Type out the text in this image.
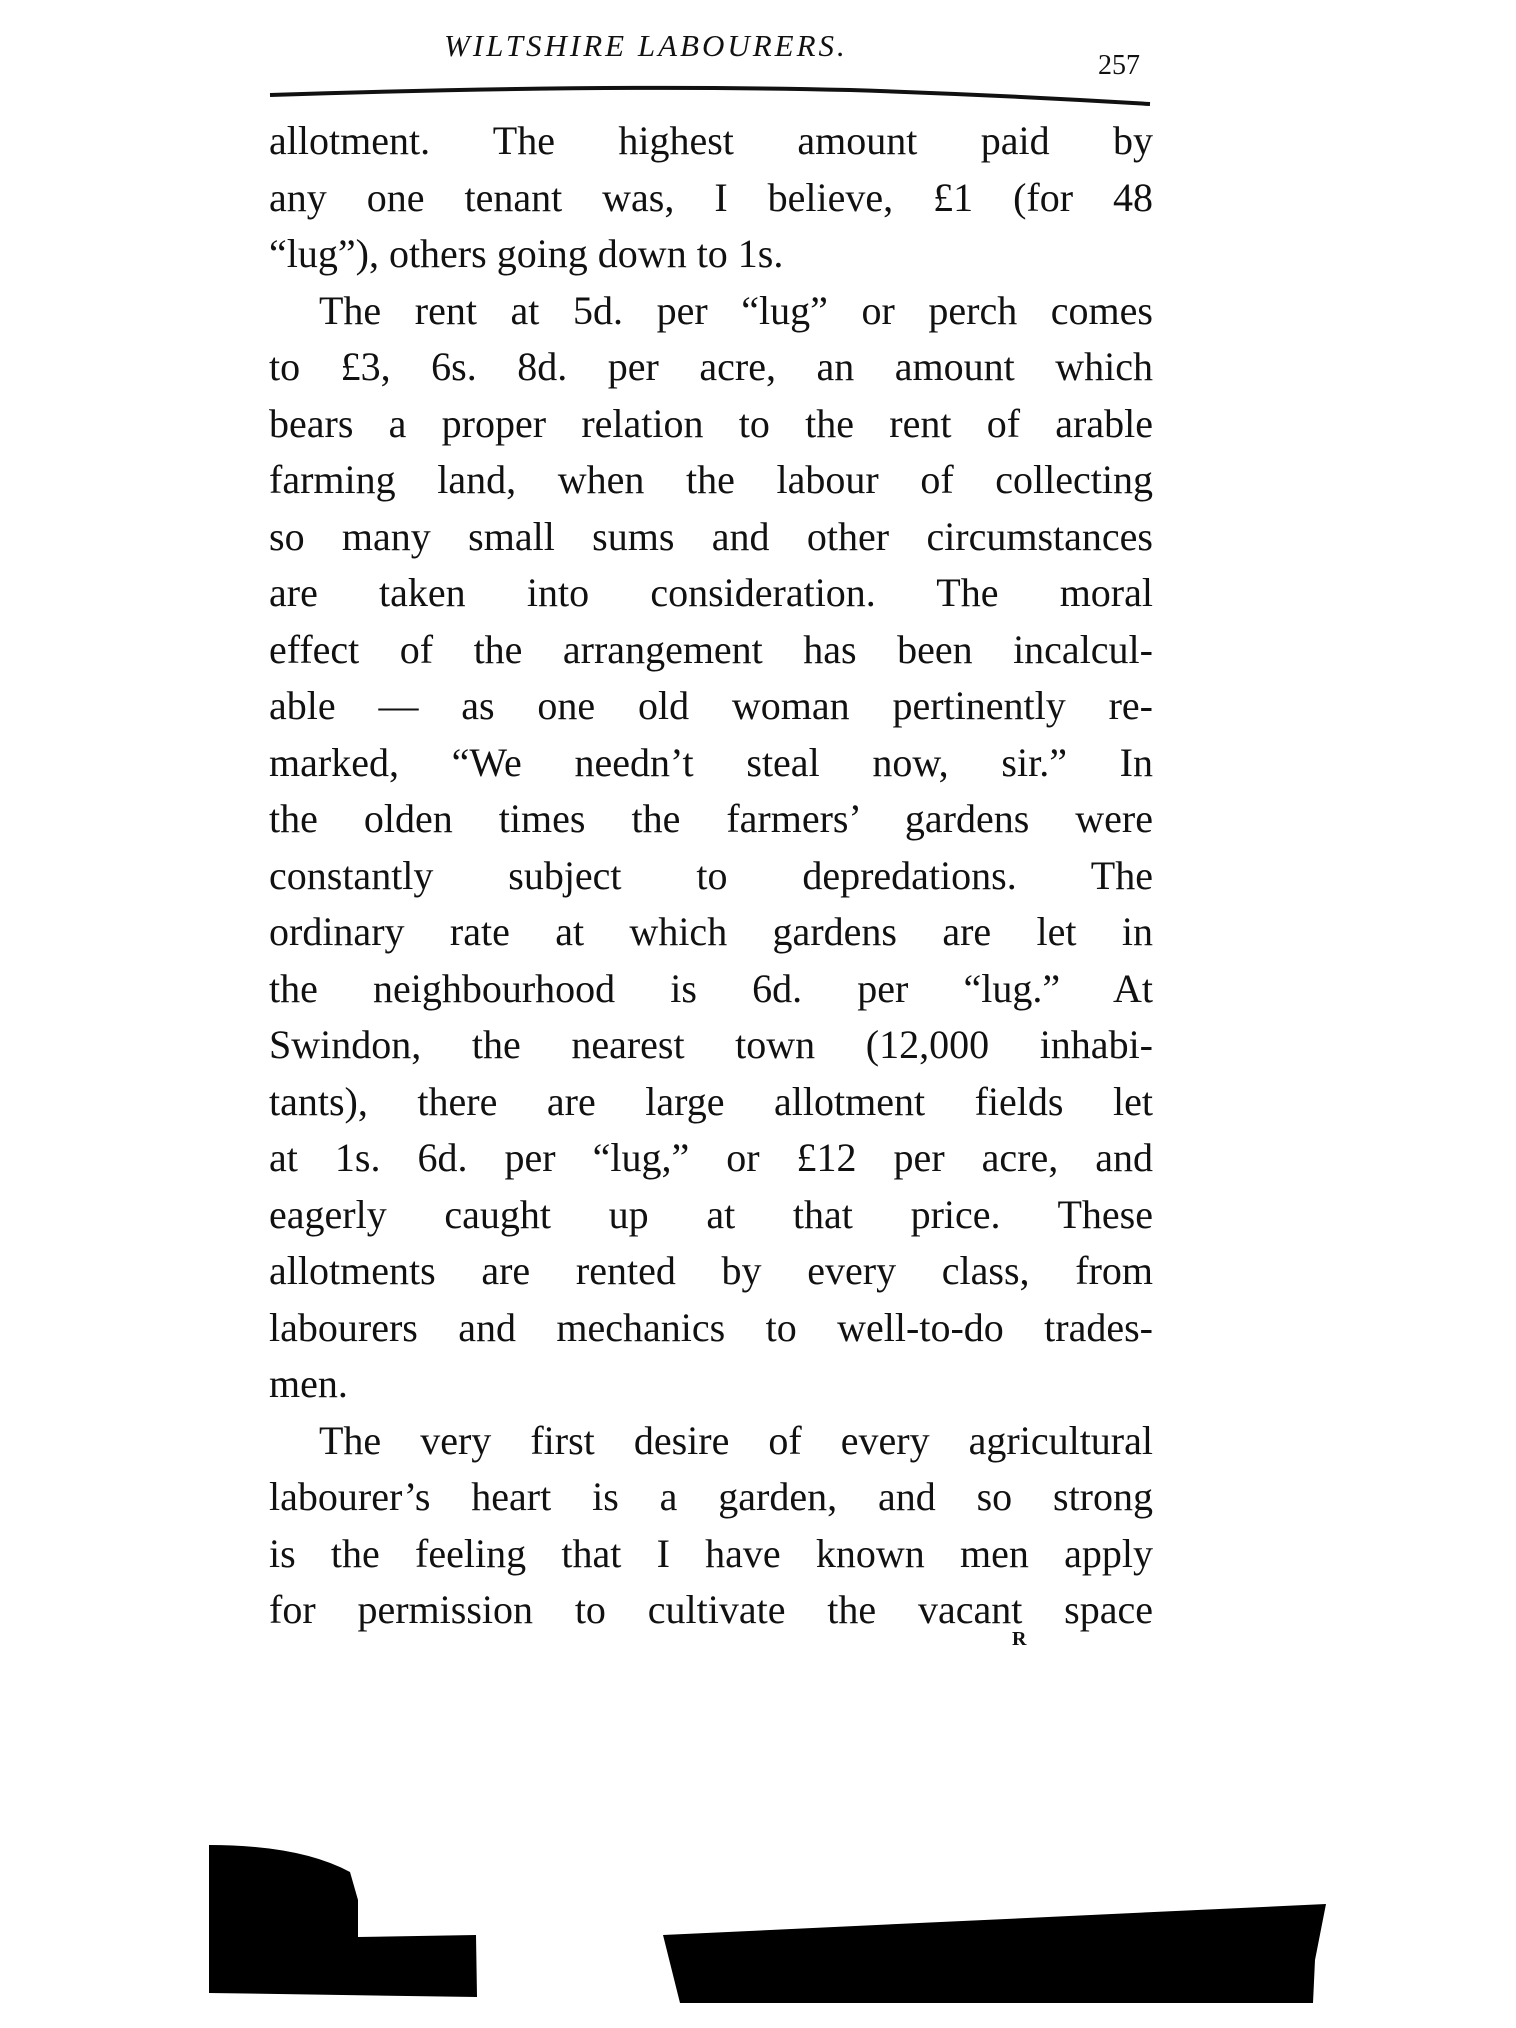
WILTSHIRE LABOURERS.
257
allotment. The highest amount paid by
any one tenant was, I believe, £1 (for 48
“lug”), others going down to 1s.
The rent at 5d. per “lug” or perch comes
to £3, 6s. 8d. per acre, an amount which
bears a proper relation to the rent of arable
farming land, when the labour of collecting
so many small sums and other circumstances
are taken into consideration. The moral
effect of the arrangement has been incalcul-
able — as one old woman pertinently re-
marked, “We needn’t steal now, sir.” In
the olden times the farmers’ gardens were
constantly subject to depredations. The
ordinary rate at which gardens are let in
the neighbourhood is 6d. per “lug.” At
Swindon, the nearest town (12,000 inhabi-
tants), there are large allotment fields let
at 1s. 6d. per “lug,” or £12 per acre, and
eagerly caught up at that price. These
allotments are rented by every class, from
labourers and mechanics to well-to-do trades-
men.
The very first desire of every agricultural
labourer’s heart is a garden, and so strong
is the feeling that I have known men apply
for permission to cultivate the vacant space
R
